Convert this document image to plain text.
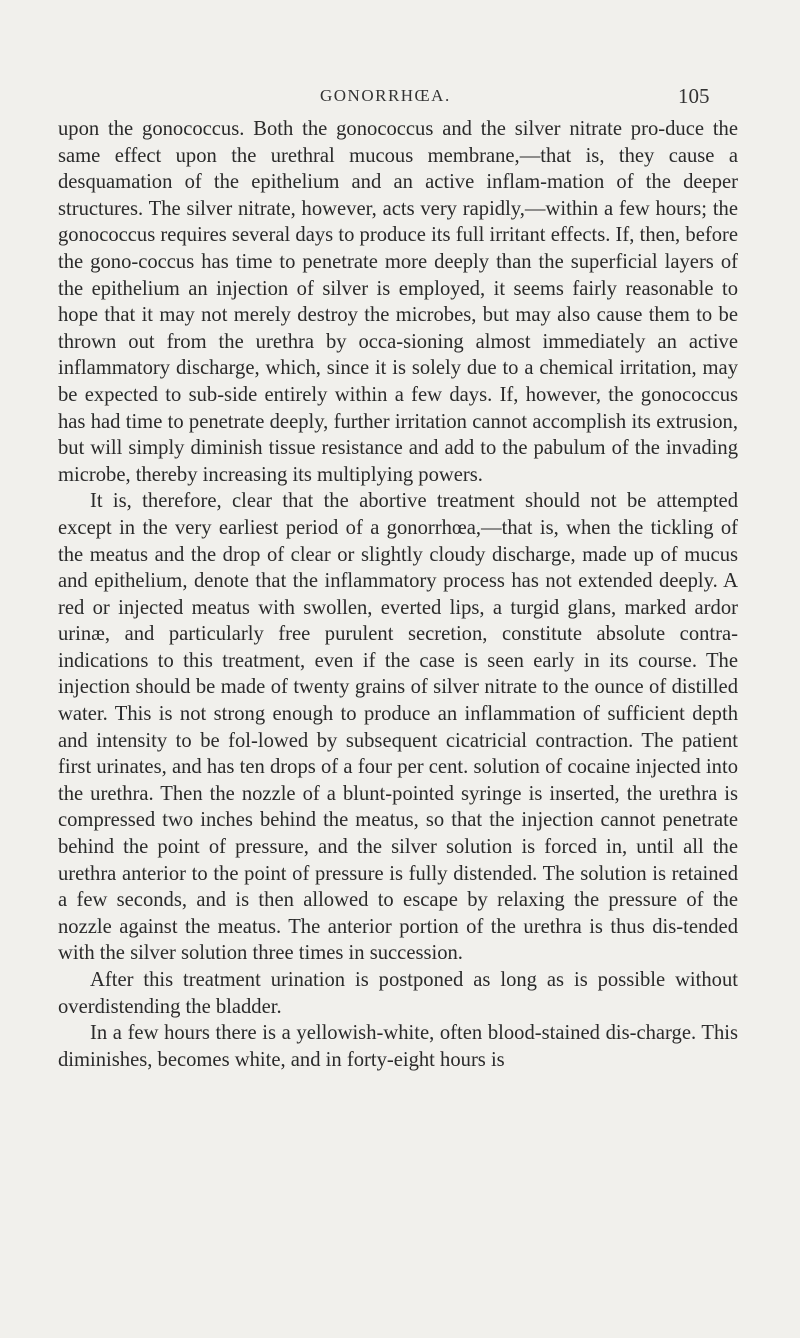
GONORRHŒA.	105

upon the gonococcus. Both the gonococcus and the silver nitrate pro-duce the same effect upon the urethral mucous membrane,—that is, they cause a desquamation of the epithelium and an active inflam-mation of the deeper structures. The silver nitrate, however, acts very rapidly,—within a few hours; the gonococcus requires several days to produce its full irritant effects. If, then, before the gono-coccus has time to penetrate more deeply than the superficial layers of the epithelium an injection of silver is employed, it seems fairly reasonable to hope that it may not merely destroy the microbes, but may also cause them to be thrown out from the urethra by occa-sioning almost immediately an active inflammatory discharge, which, since it is solely due to a chemical irritation, may be expected to sub-side entirely within a few days. If, however, the gonococcus has had time to penetrate deeply, further irritation cannot accomplish its extrusion, but will simply diminish tissue resistance and add to the pabulum of the invading microbe, thereby increasing its multiplying powers.

It is, therefore, clear that the abortive treatment should not be attempted except in the very earliest period of a gonorrhœa,—that is, when the tickling of the meatus and the drop of clear or slightly cloudy discharge, made up of mucus and epithelium, denote that the inflammatory process has not extended deeply. A red or injected meatus with swollen, everted lips, a turgid glans, marked ardor urinæ, and particularly free purulent secretion, constitute absolute contra-indications to this treatment, even if the case is seen early in its course. The injection should be made of twenty grains of silver nitrate to the ounce of distilled water. This is not strong enough to produce an inflammation of sufficient depth and intensity to be fol-lowed by subsequent cicatricial contraction. The patient first urinates, and has ten drops of a four per cent. solution of cocaine injected into the urethra. Then the nozzle of a blunt-pointed syringe is inserted, the urethra is compressed two inches behind the meatus, so that the injection cannot penetrate behind the point of pressure, and the silver solution is forced in, until all the urethra anterior to the point of pressure is fully distended. The solution is retained a few seconds, and is then allowed to escape by relaxing the pressure of the nozzle against the meatus. The anterior portion of the urethra is thus dis-tended with the silver solution three times in succession.

After this treatment urination is postponed as long as is possible without overdistending the bladder.

In a few hours there is a yellowish-white, often blood-stained dis-charge. This diminishes, becomes white, and in forty-eight hours is
